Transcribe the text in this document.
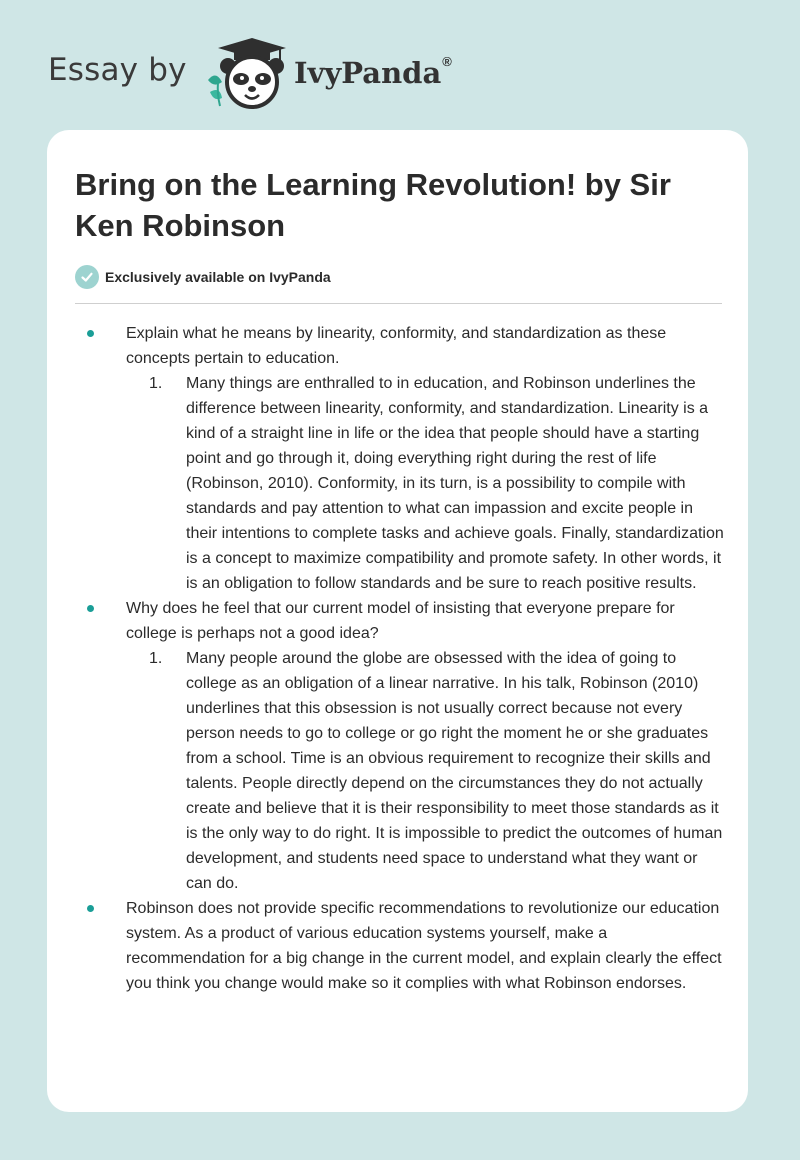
Essay by	IvyPanda®
Bring on the Learning Revolution! by Sir Ken Robinson
Exclusively available on IvyPanda
Explain what he means by linearity, conformity, and standardization as these concepts pertain to education.
1. Many things are enthralled to in education, and Robinson underlines the difference between linearity, conformity, and standardization. Linearity is a kind of a straight line in life or the idea that people should have a starting point and go through it, doing everything right during the rest of life (Robinson, 2010). Conformity, in its turn, is a possibility to compile with standards and pay attention to what can impassion and excite people in their intentions to complete tasks and achieve goals. Finally, standardization is a concept to maximize compatibility and promote safety. In other words, it is an obligation to follow standards and be sure to reach positive results.
Why does he feel that our current model of insisting that everyone prepare for college is perhaps not a good idea?
1. Many people around the globe are obsessed with the idea of going to college as an obligation of a linear narrative. In his talk, Robinson (2010) underlines that this obsession is not usually correct because not every person needs to go to college or go right the moment he or she graduates from a school. Time is an obvious requirement to recognize their skills and talents. People directly depend on the circumstances they do not actually create and believe that it is their responsibility to meet those standards as it is the only way to do right. It is impossible to predict the outcomes of human development, and students need space to understand what they want or can do.
Robinson does not provide specific recommendations to revolutionize our education system. As a product of various education systems yourself, make a recommendation for a big change in the current model, and explain clearly the effect you think you change would make so it complies with what Robinson endorses.
